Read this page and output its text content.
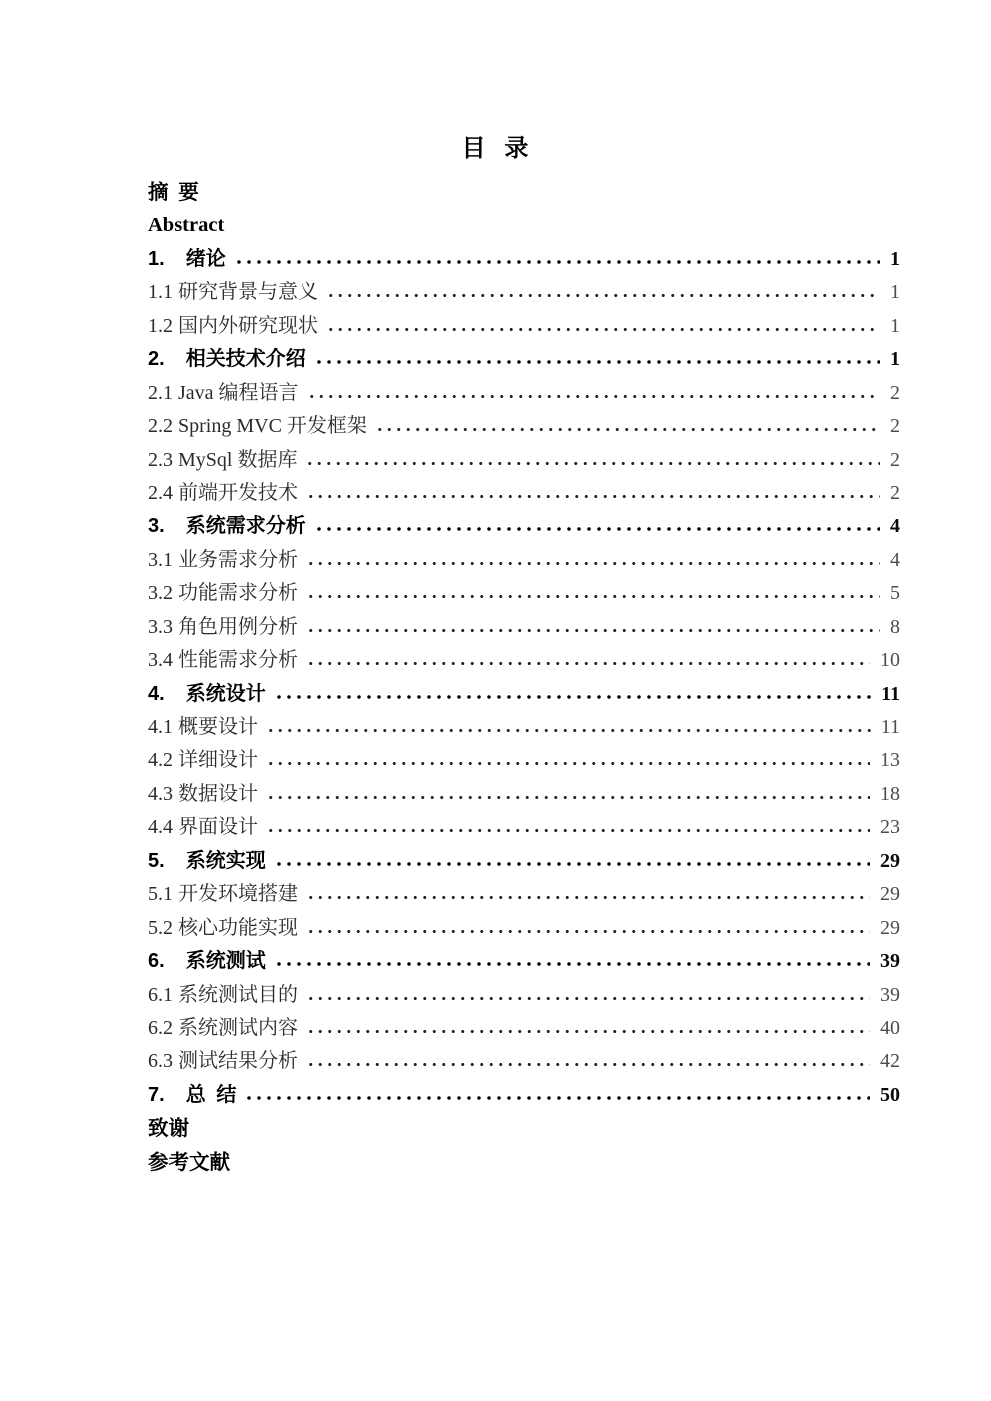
目 录
摘 要
Abstract
1.  绪论	1
1.1 研究背景与意义	1
1.2 国内外研究现状	1
2.  相关技术介绍	1
2.1 Java 编程语言	2
2.2 Spring MVC 开发框架	2
2.3 MySql 数据库	2
2.4 前端开发技术	2
3.  系统需求分析	4
3.1 业务需求分析	4
3.2 功能需求分析	5
3.3 角色用例分析	8
3.4 性能需求分析	10
4.  系统设计	11
4.1 概要设计	11
4.2 详细设计	13
4.3 数据设计	18
4.4 界面设计	23
5.  系统实现	29
5.1 开发环境搭建	29
5.2 核心功能实现	29
6.  系统测试	39
6.1 系统测试目的	39
6.2 系统测试内容	40
6.3 测试结果分析	42
7.  总 结	50
致谢
参考文献
